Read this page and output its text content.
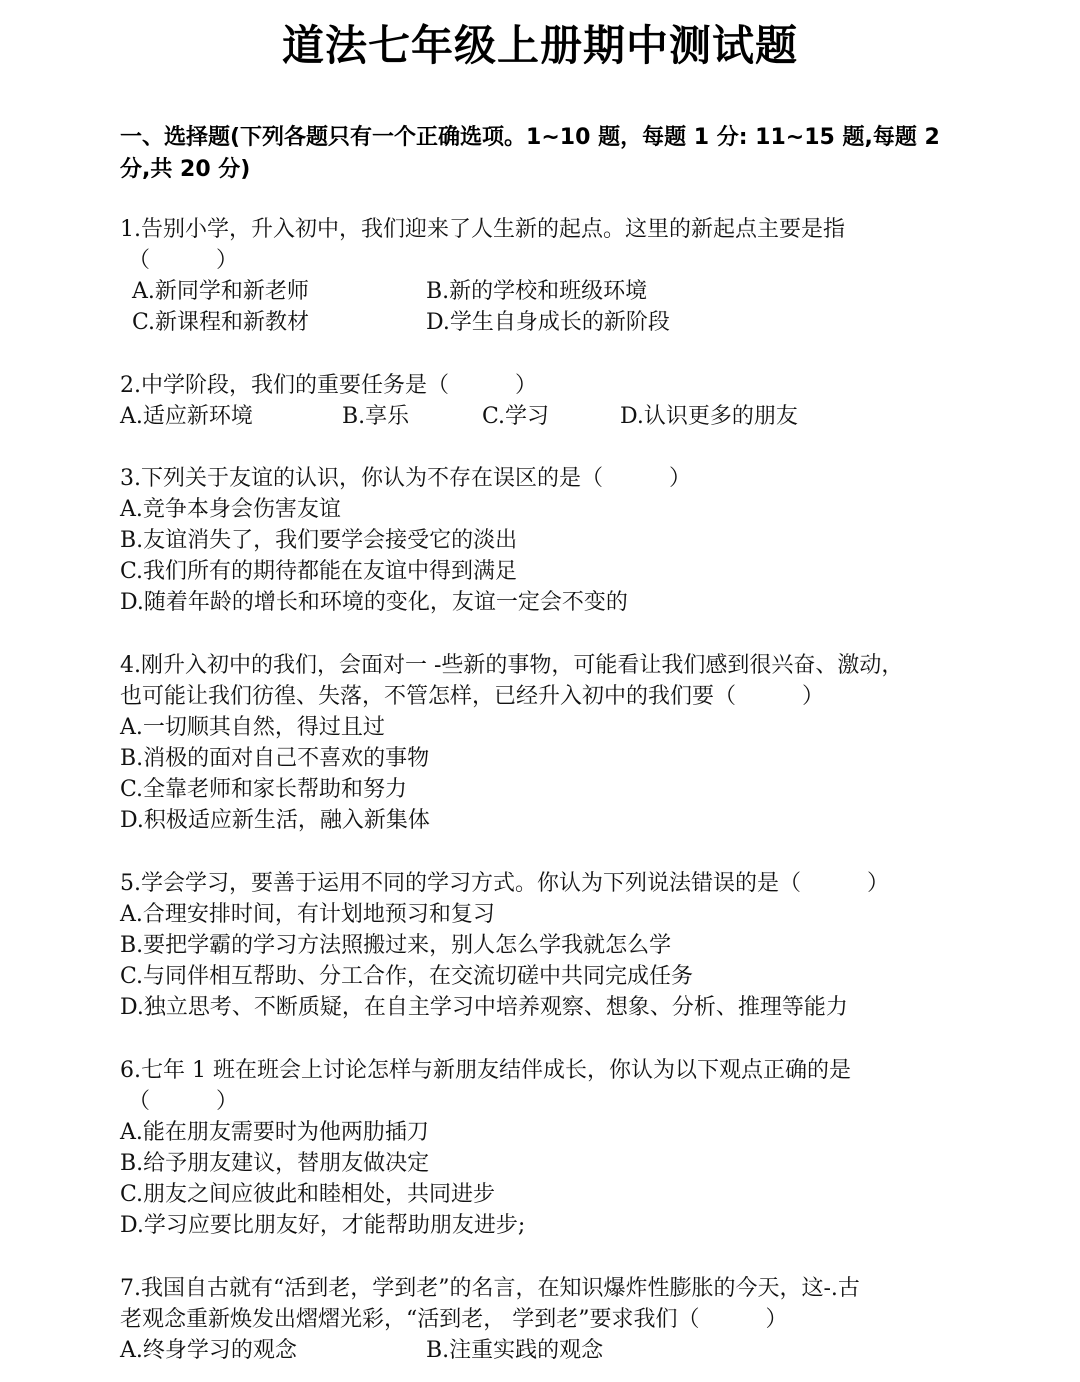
道法七年级上册期中测试题
一、选择题(下列各题只有一个正确选项。1~10 题，每题 1 分: 11~15 题,每题 2 分,共 20 分)

1.告别小学，升入初中，我们迎来了人生新的起点。这里的新起点主要是指

（　　　）

A.新同学和新老师	B.新的学校和班级环境
C.新课程和新教材	D.学生自身成长的新阶段

2.中学阶段，我们的重要任务是（　　　）

A.适应新环境	B.享乐	C.学习	D.认识更多的朋友

3.下列关于友谊的认识，你认为不存在误区的是（　　　）

A.竞争本身会伤害友谊

B.友谊消失了，我们要学会接受它的淡出

C.我们所有的期待都能在友谊中得到满足

D.随着年龄的增长和环境的变化，友谊一定会不变的

4.刚升入初中的我们，会面对一 -些新的事物，可能看让我们感到很兴奋、激动，

也可能让我们彷徨、失落，不管怎样，已经升入初中的我们要（　　　）

A.一切顺其自然，得过且过

B.消极的面对自己不喜欢的事物

C.全靠老师和家长帮助和努力

D.积极适应新生活，融入新集体

5.学会学习，要善于运用不同的学习方式。你认为下列说法错误的是（　　　）

A.合理安排时间，有计划地预习和复习

B.要把学霸的学习方法照搬过来，别人怎么学我就怎么学

C.与同伴相互帮助、分工合作，在交流切磋中共同完成任务

D.独立思考、不断质疑，在自主学习中培养观察、想象、分析、推理等能力

6.七年 1 班在班会上讨论怎样与新朋友结伴成长，你认为以下观点正确的是

（　　　）

A.能在朋友需要时为他两肋插刀

B.给予朋友建议，替朋友做决定

C.朋友之间应彼此和睦相处，共同进步

D.学习应要比朋友好，才能帮助朋友进步;

7.我国自古就有“活到老，学到老”的名言，在知识爆炸性膨胀的今天，这-.古

老观念重新焕发出熠熠光彩，“活到老， 学到老”要求我们（　　　）

A.终身学习的观念	B.注重实践的观念
